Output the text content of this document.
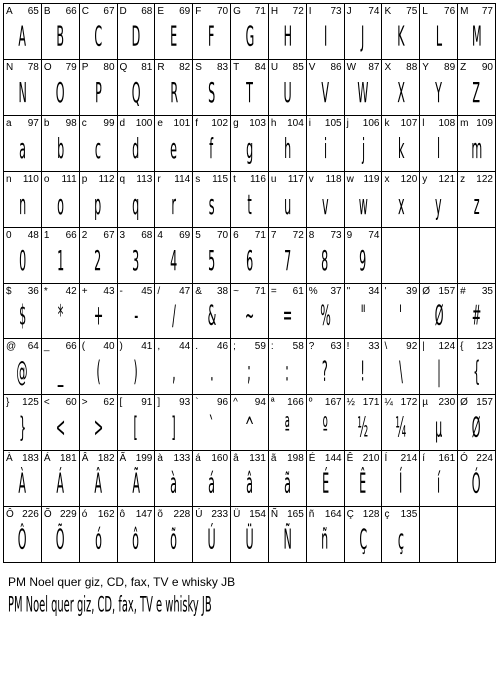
A 65
A
B 66
B
C 67
C
D 68
D
E 69
E
F 70
F
G 71
G
H 72
H
I 73
I
J 74
J
K 75
K
L 76
L
M 77
M
N 78
N
O 79
O
P 80
P
Q 81
Q
R 82
R
S 83
S
T 84
T
U 85
U
V 86
V
W 87
W
X 88
X
Y 89
Y
Z 90
Z
a 97
a
b 98
b
c 99
c
d 100
d
e 101
e
f 102
f
g 103
g
h 104
h
i 105
i
j 106
j
k 107
k
l 108
l
m 109
m
n 110
n
o 111
o
p 112
p
q 113
q
r 114
r
s 115
s
t 116
t
u 117
u
v 118
v
w 119
w
x 120
x
y 121
y
z 122
z
0 48
0
1 66
1
2 67
2
3 68
3
4 69
4
5 70
5
6 71
6
7 72
7
8 73
8
9 74
9
$ 36
$
* 42
*
+ 43
+
- 45
-
/ 47
/
& 38
&
~ 71
~
= 61
=
% 37
%
" 34
"
' 39
'
Ø 157
Ø
# 35
#
@ 64
@
_ 66
_
( 40
(
) 41
)
, 44
,
. 46
.
; 59
;
: 58
:
? 63
?
! 33
!
\ 92
\
| 124
|
{ 123
{
} 125
}
< 60
<
> 62
>
[ 91
[
] 93
]
` 96
`
^ 94
^
ª 166
ª
º 167
º
½ 171
½
¼ 172
¼
µ 230
µ
Ø 157
Ø
À 183
À
Á 181
Á
Â 182
Â
Ã 199
Ã
à 133
à
á 160
á
â 131
â
ã 198
ã
É 144
É
Ê 210
Ê
Í 214
Í
í 161
í
Ó 224
Ó
Ô 226
Ô
Õ 229
Õ
ó 162
ó
ô 147
ô
õ 228
õ
Ú 233
Ú
Ü 154
Ü
Ñ 165
Ñ
ñ 164
ñ
Ç 128
Ç
ç 135
ç
PM Noel quer giz, CD, fax, TV e whisky JB
PM Noel quer giz, CD, fax, TV e whisky JB
